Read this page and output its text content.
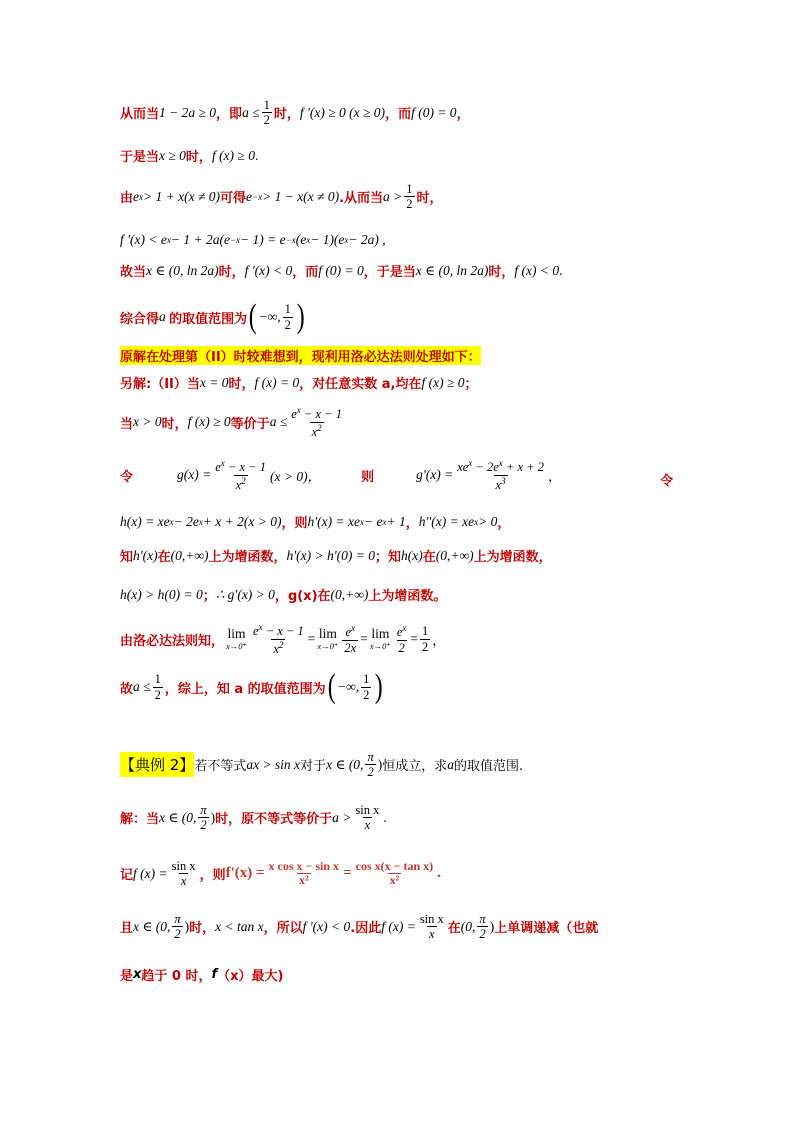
从而当 1 − 2a ≥ 0 ，即 $a \le \frac{1}{2}$ 时， f '(x) ≥ 0 (x ≥ 0) ，而 f (0) = 0 ，
于是当 x ≥ 0 时， f (x) ≥ 0 .
由 e x > 1 + x(x ≠ 0) 可得 e −x > 1 − x(x ≠ 0) .从而当 $a > \frac{1}{2}$ 时，
f '(x) < e x − 1 + 2a(e −x − 1) = e −x (e x − 1)(e x − 2a) ,
故当 x ∈ (0, ln 2a) 时， f '(x) < 0 ，而 f (0) = 0 ，于是当 x ∈ (0, ln 2a) 时， f (x) < 0 .
综合得 a
的取值范围为 ( −∞, $\frac{1}{2}$ )
原解在处理第（II）时较难想到，现利用洛必达法则处理如下：
另解:（II）当 x = 0 时， f (x) = 0 ，对任意实数 a,均在 f (x) ≥ 0 ；
当 x > 0 时， f (x) ≥ 0 等价于 $a \le \frac{e^x - x - 1}{x^2}$
令	$g(x) = \frac{e^x - x - 1}{x^2} (x > 0)$，	则	$g'(x) = \frac{xe^x - 2e^x + x + 2}{x^3}$ ，	令
h(x) = xe x − 2e x + x + 2(x > 0) ，则 h'(x) = xe x − e x + 1 ， h''(x) = xe x > 0 ，
知 h'(x) 在 (0,+∞) 上为增函数， h'(x) > h'(0) = 0 ；知 h(x) 在 (0,+∞) 上为增函数，
h(x) > h(0) = 0 ； ∴ g'(x) > 0 ， g(x)在 (0,+∞) 上为增函数。
由洛必达法则知，
lim
$x\to 0^+ \frac{e^x - x - 1}{x^2} = \lim$
$x\to 0^+ \frac{e^x}{2x} = \lim$
$x\to 0^+ \frac{e^x}{2} = \frac{1}{2}$ ，
故 $a \le \frac{1}{2}$ ，综上，知 a 的取值范围为 ( −∞, $\frac{1}{2}$ )
【典例 2】 若不等式 ax > sin x 对于 x ∈ (0, $\frac{\pi}{2}$ ) 恒成立，求 a 的取值范围.
解：当 x ∈ (0, $\frac{\pi}{2}$ ) 时，原不等式等价于 $a > \frac{\text{sin x}}{x}$ .
记 f $(x) = \frac{\text{sin x}}{x}$ ，则 $f'(x) = \frac{\text{x cos x − sin x}}{\text{x²}} = \frac{\text{cos x(x − tan x)}}{\text{x²}}$ .
且 x ∈ (0, $\frac{\pi}{2}$ ) 时， x < tan x ，所以 f '(x) < 0 .因此 f $(x) = \frac{\text{sin x}}{x}$ 在 (0, $\frac{\pi}{2}$ ) 上单调递减（也就
是 x 趋于 0 时， f （x）最大)
